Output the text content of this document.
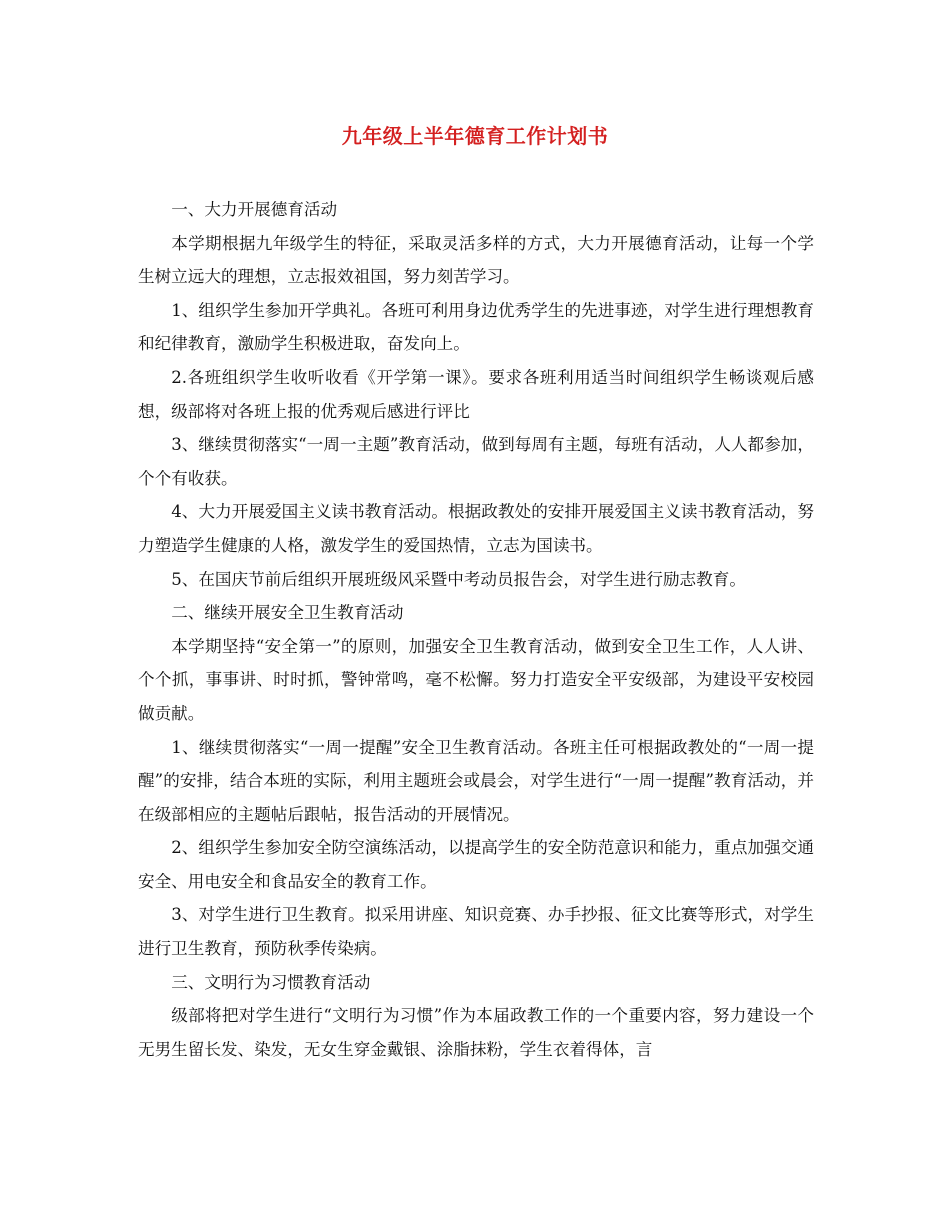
九年级上半年德育工作计划书

一、大力开展德育活动

本学期根据九年级学生的特征，采取灵活多样的方式，大力开展德育活动，让每一个学生树立远大的理想，立志报效祖国，努力刻苦学习。

1、组织学生参加开学典礼。各班可利用身边优秀学生的先进事迹，对学生进行理想教育和纪律教育，激励学生积极进取，奋发向上。

2.各班组织学生收听收看《开学第一课》。要求各班利用适当时间组织学生畅谈观后感想，级部将对各班上报的优秀观后感进行评比

3、继续贯彻落实“一周一主题”教育活动，做到每周有主题，每班有活动，人人都参加，个个有收获。

4、大力开展爱国主义读书教育活动。根据政教处的安排开展爱国主义读书教育活动，努力塑造学生健康的人格，激发学生的爱国热情，立志为国读书。

5、在国庆节前后组织开展班级风采暨中考动员报告会，对学生进行励志教育。

二、继续开展安全卫生教育活动

本学期坚持“安全第一”的原则，加强安全卫生教育活动，做到安全卫生工作，人人讲、个个抓，事事讲、时时抓，警钟常鸣，毫不松懈。努力打造安全平安级部，为建设平安校园做贡献。

1、继续贯彻落实“一周一提醒”安全卫生教育活动。各班主任可根据政教处的“一周一提醒”的安排，结合本班的实际，利用主题班会或晨会，对学生进行“一周一提醒”教育活动，并在级部相应的主题帖后跟帖，报告活动的开展情况。

2、组织学生参加安全防空演练活动，以提高学生的安全防范意识和能力，重点加强交通安全、用电安全和食品安全的教育工作。

3、对学生进行卫生教育。拟采用讲座、知识竞赛、办手抄报、征文比赛等形式，对学生进行卫生教育，预防秋季传染病。

三、文明行为习惯教育活动

级部将把对学生进行“文明行为习惯”作为本届政教工作的一个重要内容，努力建设一个无男生留长发、染发，无女生穿金戴银、涂脂抹粉，学生衣着得体，言
